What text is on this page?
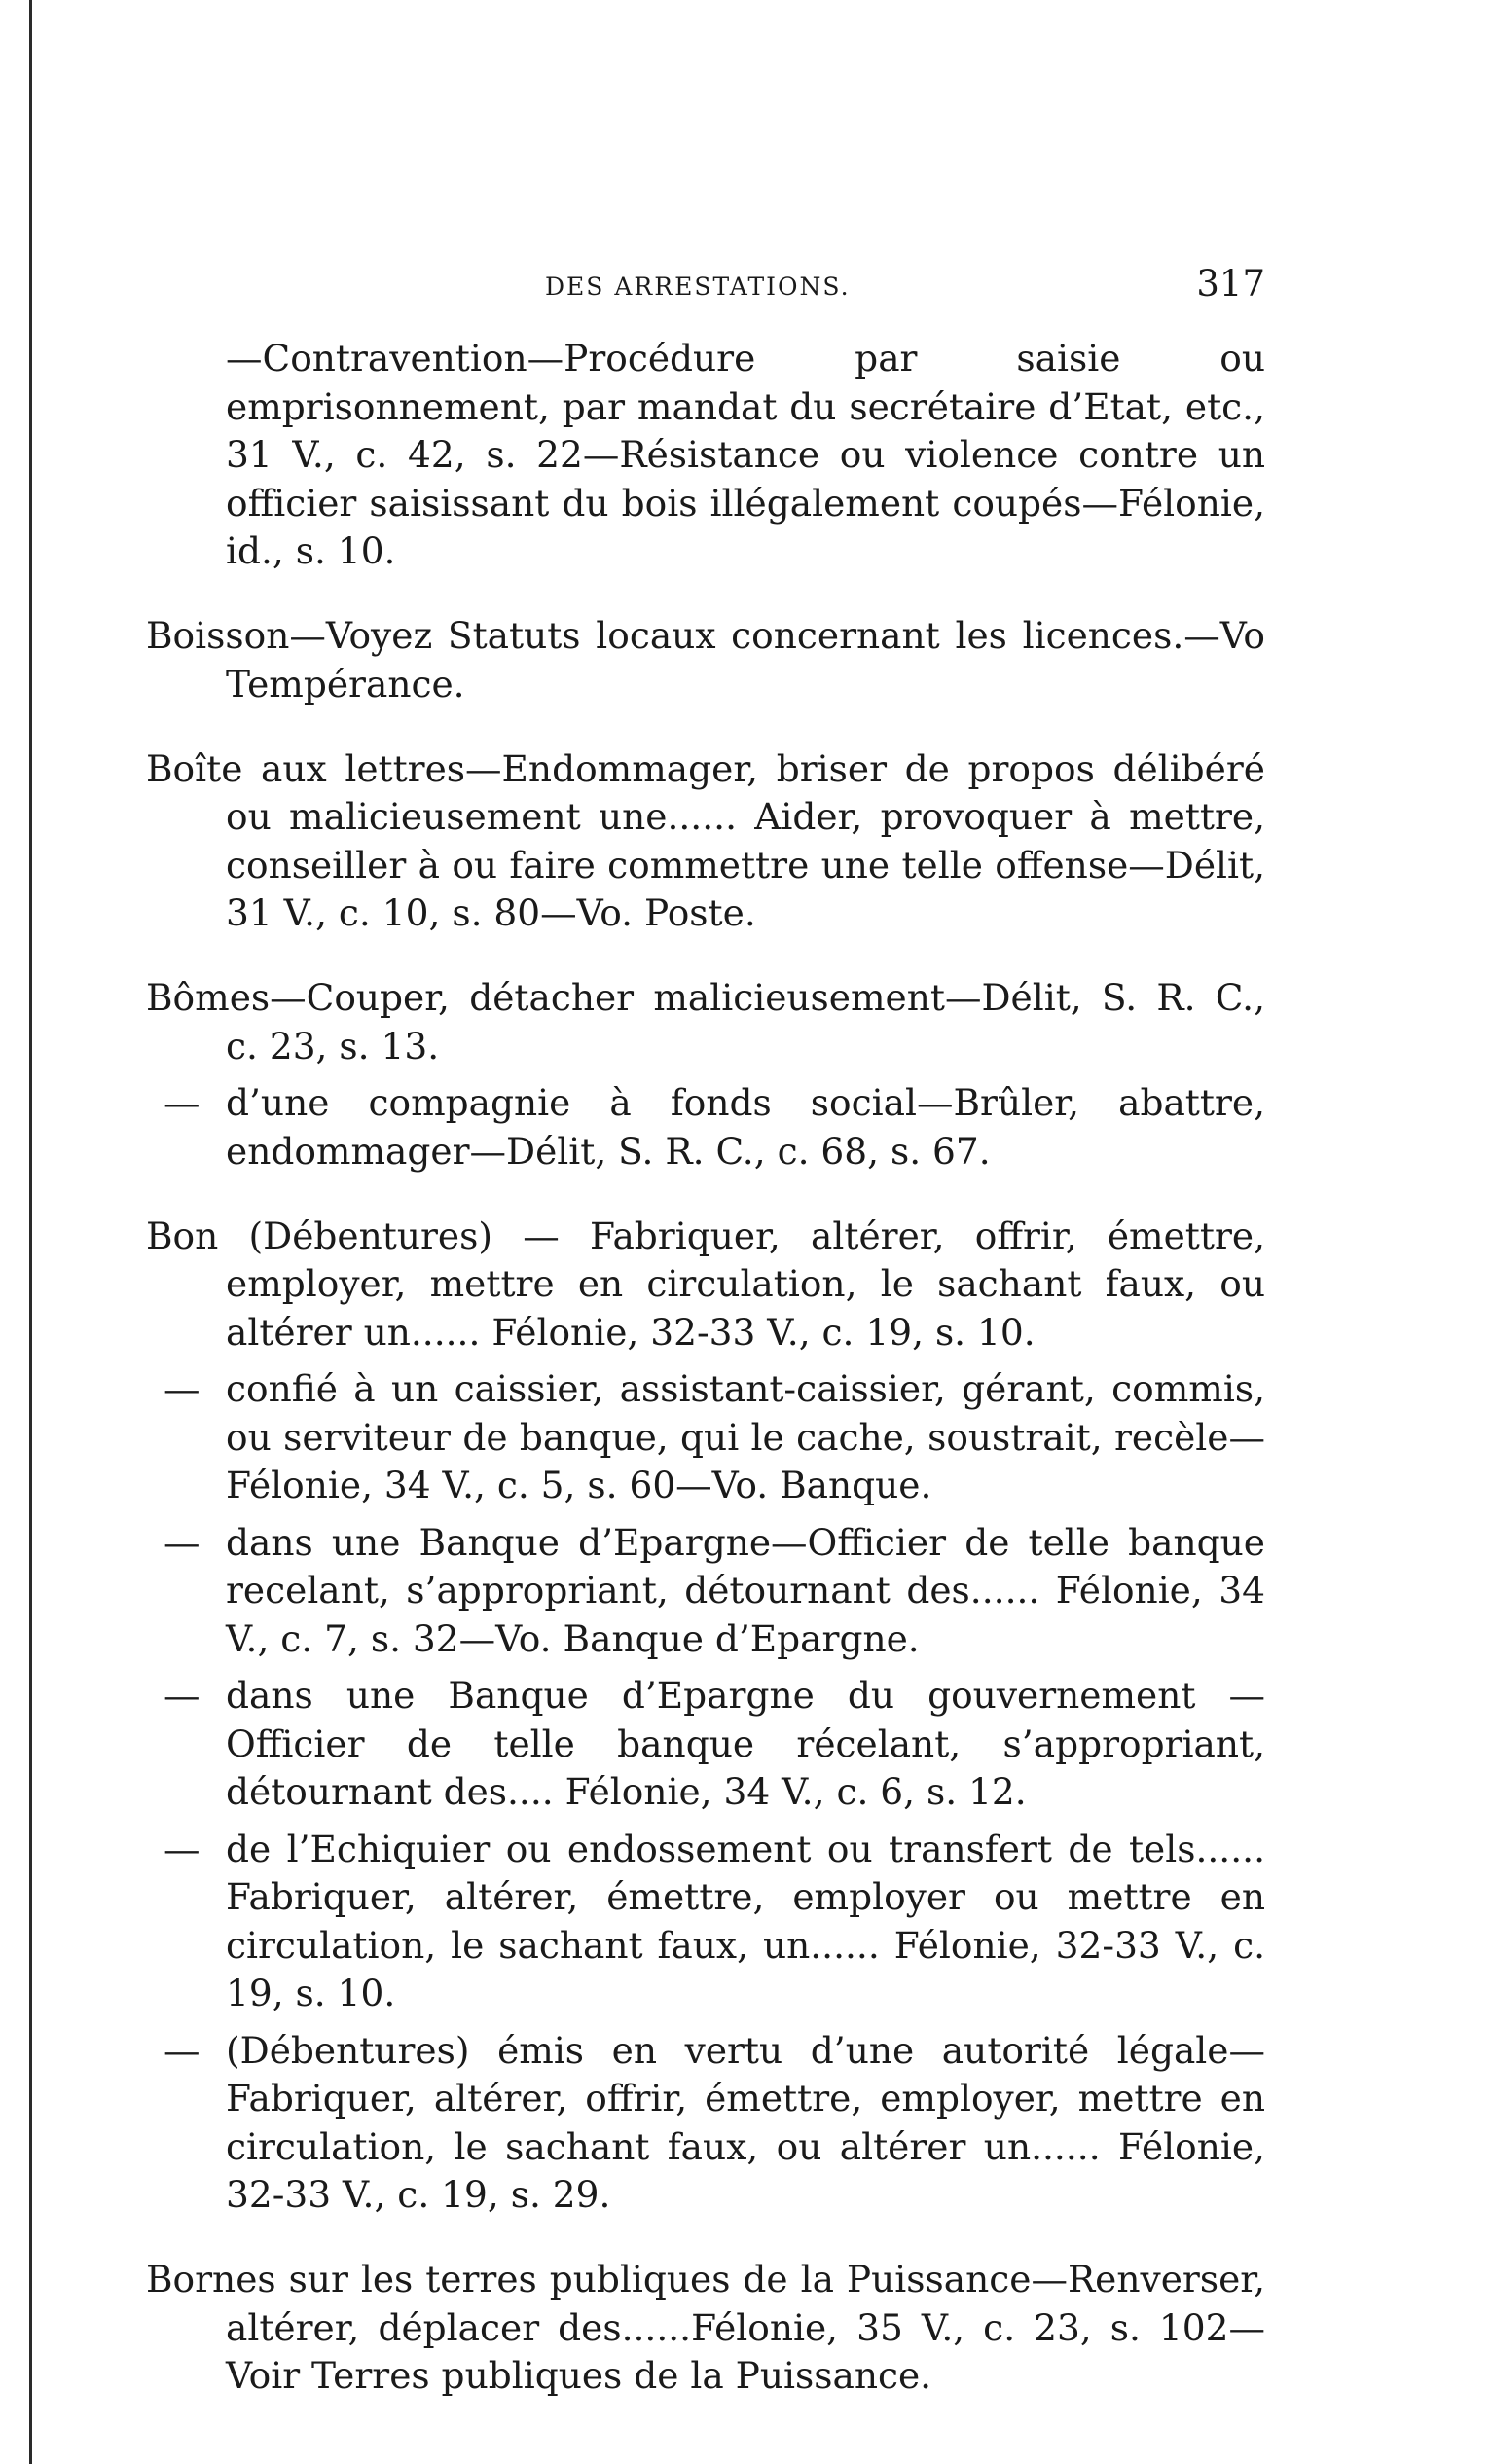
DES ARRESTATIONS.	317

—Contravention—Procédure par saisie ou emprisonnement, par mandat du secrétaire d’Etat, etc., 31 V., c. 42, s. 22—Résistance ou violence contre un officier saisissant du bois illégalement coupés—Félonie, id., s. 10.

Boisson—Voyez Statuts locaux concernant les licences.—Vo Tempérance.

Boîte aux lettres—Endommager, briser de propos délibéré ou malicieusement une...... Aider, provoquer à mettre, conseiller à ou faire commettre une telle offense—Délit, 31 V., c. 10, s. 80—Vo. Poste.

Bômes—Couper, détacher malicieusement—Délit, S. R. C., c. 23, s. 13.

— d’une compagnie à fonds social—Brûler, abattre, endommager—Délit, S. R. C., c. 68, s. 67.

Bon (Débentures) — Fabriquer, altérer, offrir, émettre, employer, mettre en circulation, le sachant faux, ou altérer un...... Félonie, 32-33 V., c. 19, s. 10.

— confié à un caissier, assistant-caissier, gérant, commis, ou serviteur de banque, qui le cache, soustrait, recèle—Félonie, 34 V., c. 5, s. 60—Vo. Banque.
— dans une Banque d’Epargne—Officier de telle banque recelant, s’appropriant, détournant des...... Félonie, 34 V., c. 7, s. 32—Vo. Banque d’Epargne.
— dans une Banque d’Epargne du gouvernement — Officier de telle banque récelant, s’appropriant, détournant des.... Félonie, 34 V., c. 6, s. 12.
— de l’Echiquier ou endossement ou transfert de tels...... Fabriquer, altérer, émettre, employer ou mettre en circulation, le sachant faux, un...... Félonie, 32-33 V., c. 19, s. 10.
— (Débentures) émis en vertu d’une autorité légale—Fabriquer, altérer, offrir, émettre, employer, mettre en circulation, le sachant faux, ou altérer un...... Félonie, 32-33 V., c. 19, s. 29.

Bornes sur les terres publiques de la Puissance—Renverser, altérer, déplacer des......Félonie, 35 V., c. 23, s. 102—Voir Terres publiques de la Puissance.
